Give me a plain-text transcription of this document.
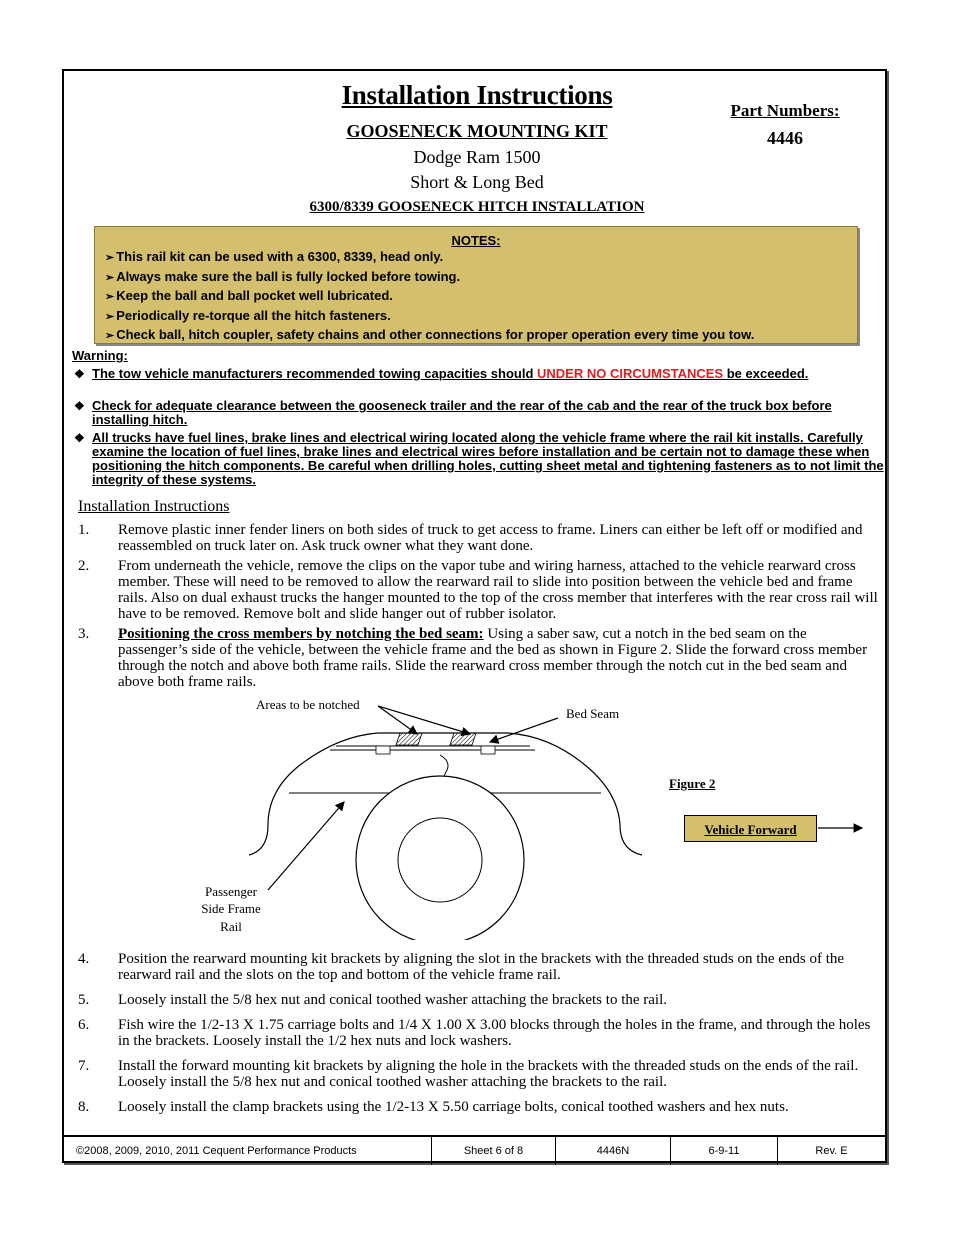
Installation Instructions
GOOSENECK MOUNTING KIT
Dodge Ram 1500
Short & Long Bed
6300/8339 GOOSENECK HITCH INSTALLATION
Part Numbers:
4446
NOTES:
➢ This rail kit can be used with a 6300, 8339, head only.
➢ Always make sure the ball is fully locked before towing.
➢ Keep the ball and ball pocket well lubricated.
➢ Periodically re-torque all the hitch fasteners.
➢ Check ball, hitch coupler, safety chains and other connections for proper operation every time you tow.
Warning:
❖ The tow vehicle manufacturers recommended towing capacities should UNDER NO CIRCUMSTANCES be exceeded.
❖ Check for adequate clearance between the gooseneck trailer and the rear of the cab and the rear of the truck box before installing hitch.
❖ All trucks have fuel lines, brake lines and electrical wiring located along the vehicle frame where the rail kit installs. Carefully examine the location of fuel lines, brake lines and electrical wires before installation and be certain not to damage these when positioning the hitch components. Be careful when drilling holes, cutting sheet metal and tightening fasteners as to not limit the integrity of these systems.
Installation Instructions
1. Remove plastic inner fender liners on both sides of truck to get access to frame. Liners can either be left off or modified and reassembled on truck later on. Ask truck owner what they want done.
2. From underneath the vehicle, remove the clips on the vapor tube and wiring harness, attached to the vehicle rearward cross member. These will need to be removed to allow the rearward rail to slide into position between the vehicle bed and frame rails. Also on dual exhaust trucks the hanger mounted to the top of the cross member that interferes with the rear cross rail will have to be removed. Remove bolt and slide hanger out of rubber isolator.
3. Positioning the cross members by notching the bed seam: Using a saber saw, cut a notch in the bed seam on the passenger’s side of the vehicle, between the vehicle frame and the bed as shown in Figure 2. Slide the forward cross member through the notch and above both frame rails. Slide the rearward cross member through the notch cut in the bed seam and above both frame rails.
Areas to be notched
Bed Seam
Passenger
Side Frame
Rail
Figure 2
Vehicle Forward
4. Position the rearward mounting kit brackets by aligning the slot in the brackets with the threaded studs on the ends of the rearward rail and the slots on the top and bottom of the vehicle frame rail.
5. Loosely install the 5/8 hex nut and conical toothed washer attaching the brackets to the rail.
6. Fish wire the 1/2-13 X 1.75 carriage bolts and 1/4 X 1.00 X 3.00 blocks through the holes in the frame, and through the holes in the brackets. Loosely install the 1/2 hex nuts and lock washers.
7. Install the forward mounting kit brackets by aligning the hole in the brackets with the threaded studs on the ends of the rail. Loosely install the 5/8 hex nut and conical toothed washer attaching the brackets to the rail.
8. Loosely install the clamp brackets using the 1/2-13 X 5.50 carriage bolts, conical toothed washers and hex nuts.
© 2008, 2009, 2010, 2011 Cequent Performance Products	Sheet 6 of 8	4446N	6-9-11	Rev. E
